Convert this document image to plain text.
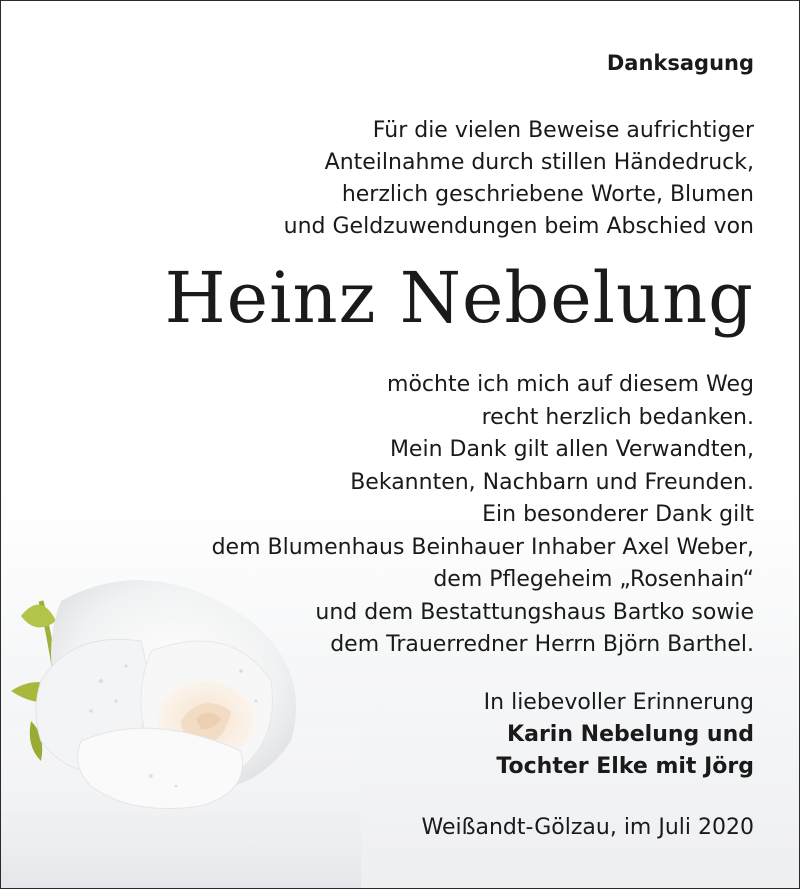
Danksagung
Für die vielen Beweise aufrichtiger
Anteilnahme durch stillen Händedruck,
herzlich geschriebene Worte, Blumen
und Geldzuwendungen beim Abschied von
Heinz Nebelung
möchte ich mich auf diesem Weg
recht herzlich bedanken.
Mein Dank gilt allen Verwandten,
Bekannten, Nachbarn und Freunden.
Ein besonderer Dank gilt
dem Blumenhaus Beinhauer Inhaber Axel Weber,
dem Pflegeheim „Rosenhain“
und dem Bestattungshaus Bartko sowie
dem Trauerredner Herrn Björn Barthel.
In liebevoller Erinnerung
Karin Nebelung und
Tochter Elke mit Jörg
Weißandt-Gölzau, im Juli 2020
